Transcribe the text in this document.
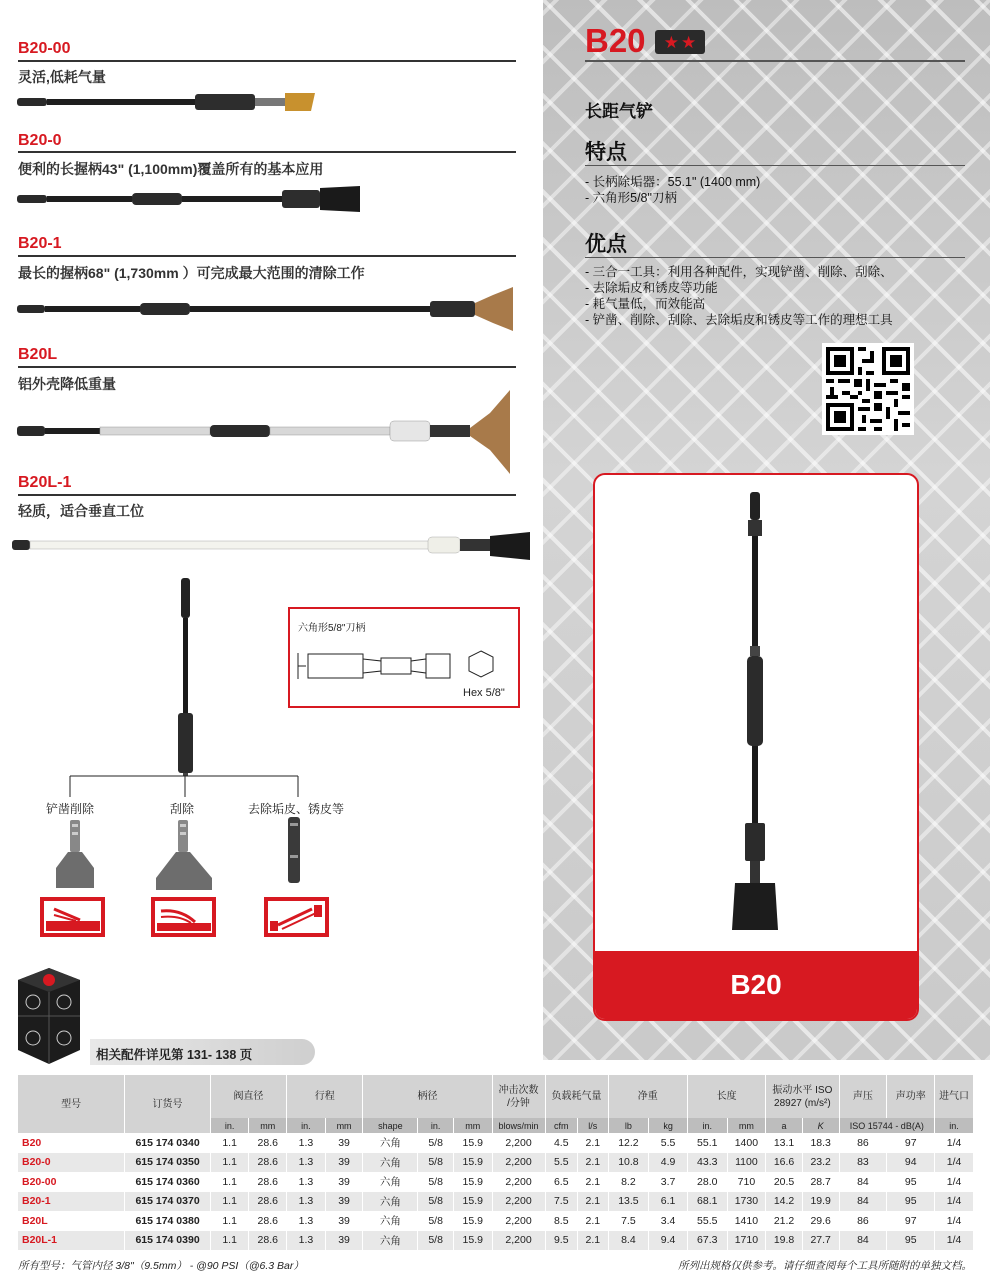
B20 ★ ★
长距气铲
特点
- 长柄除垢器：55.1" (1400 mm)
- 六角形5/8"刀柄
优点
- 三合一工具：利用各种配件，实现铲凿、削除、刮除、
- 去除垢皮和锈皮等功能
- 耗气量低，而效能高
- 铲凿、削除、刮除、去除垢皮和锈皮等工作的理想工具
B20
B20-00
灵活,低耗气量
B20-0
便利的长握柄43" (1,100mm)覆盖所有的基本应用
B20-1
最长的握柄68" (1,730mm ）可完成最大范围的清除工作
B20L
铝外壳降低重量
B20L-1
轻质，适合垂直工位
六角形5/8"刀柄
Hex 5/8"
铲凿削除	刮除	去除垢皮、锈皮等
相关配件详见第 131- 138 页
型号	订货号	阀直径		行程		柄径			冲击次数
/分钟	负载耗气量		净重		长度		振动水平 ISO
28927 (m/s²)		声压	声功率	进气口
		in.	mm	in.	mm	shape	in.	mm	blows/min	cfm	l/s	lb	kg	in.	mm	a	K	ISO 15744 - dB(A)		in.
B20	615 174 0340	1.1	28.6	1.3	39	六角	5/8	15.9	2,200	4.5	2.1	12.2	5.5	55.1	1400	13.1	18.3	86	97	1/4
B20-0	615 174 0350	1.1	28.6	1.3	39	六角	5/8	15.9	2,200	5.5	2.1	10.8	4.9	43.3	1100	16.6	23.2	83	94	1/4
B20-00	615 174 0360	1.1	28.6	1.3	39	六角	5/8	15.9	2,200	6.5	2.1	8.2	3.7	28.0	710	20.5	28.7	84	95	1/4
B20-1	615 174 0370	1.1	28.6	1.3	39	六角	5/8	15.9	2,200	7.5	2.1	13.5	6.1	68.1	1730	14.2	19.9	84	95	1/4
B20L	615 174 0380	1.1	28.6	1.3	39	六角	5/8	15.9	2,200	8.5	2.1	7.5	3.4	55.5	1410	21.2	29.6	86	97	1/4
B20L-1	615 174 0390	1.1	28.6	1.3	39	六角	5/8	15.9	2,200	9.5	2.1	8.4	9.4	67.3	1710	19.8	27.7	84	95	1/4
所有型号：气管内径 3/8"（9.5mm） - @90 PSI（@6.3 Bar）	所列出规格仅供参考。请仔细查阅每个工具所随附的单独文档。
